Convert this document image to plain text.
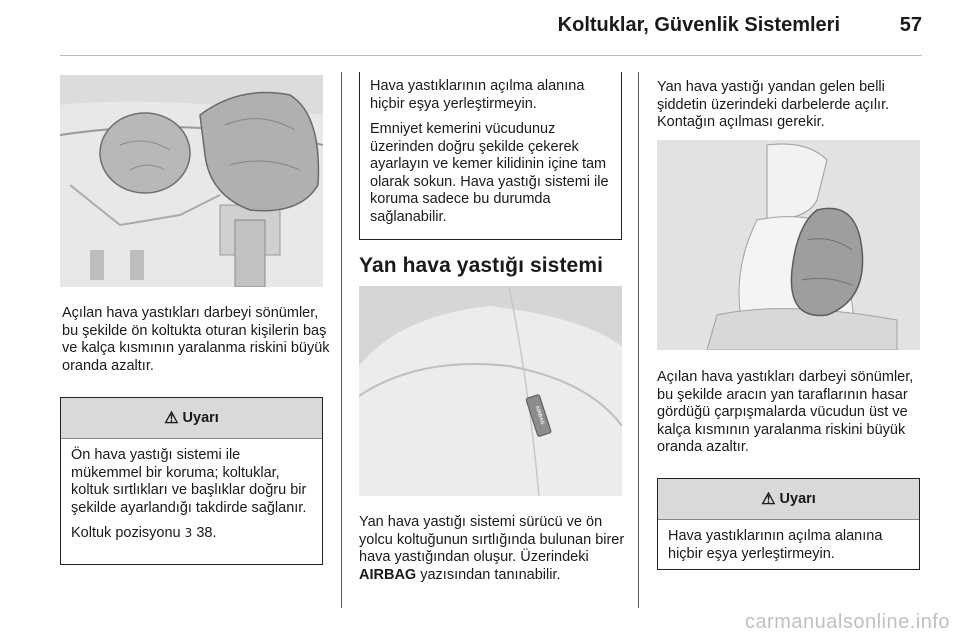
Koltuklar, Güvenlik Sistemleri	57
Açılan hava yastıkları darbeyi sönümler, bu şekilde ön koltukta oturan kişilerin baş ve kalça kısmının yaralanma riskini büyük oranda azaltır.
⚠ Uyarı

Ön hava yastığı sistemi ile mükemmel bir koruma; koltuklar, koltuk sırtlıkları ve başlıklar doğru bir şekilde ayarlandığı takdirde sağlanır.

Koltuk pozisyonu 3 38.

Hava yastıklarının açılma alanına hiçbir eşya yerleştirmeyin.

Emniyet kemerini vücudunuz üzerinden doğru şekilde çekerek ayarlayın ve kemer kilidinin içine tam olarak sokun. Hava yastığı sistemi ile koruma sadece bu durumda sağlanabilir.

Yan hava yastığı sistemi
AIRBAG
Yan hava yastığı sistemi sürücü ve ön yolcu koltuğunun sırtlığında bulunan birer hava yastığından oluşur. Üzerindeki AIRBAG yazısından tanınabilir.
Yan hava yastığı yandan gelen belli şiddetin üzerindeki darbelerde açılır. Kontağın açılması gerekir.
Açılan hava yastıkları darbeyi sönümler, bu şekilde aracın yan taraflarının hasar gördüğü çarpışmalarda vücudun üst ve kalça kısmının yaralanma riskini büyük oranda azaltır.
⚠ Uyarı

Hava yastıklarının açılma alanına hiçbir eşya yerleştirmeyin.

carmanualsonline.info
